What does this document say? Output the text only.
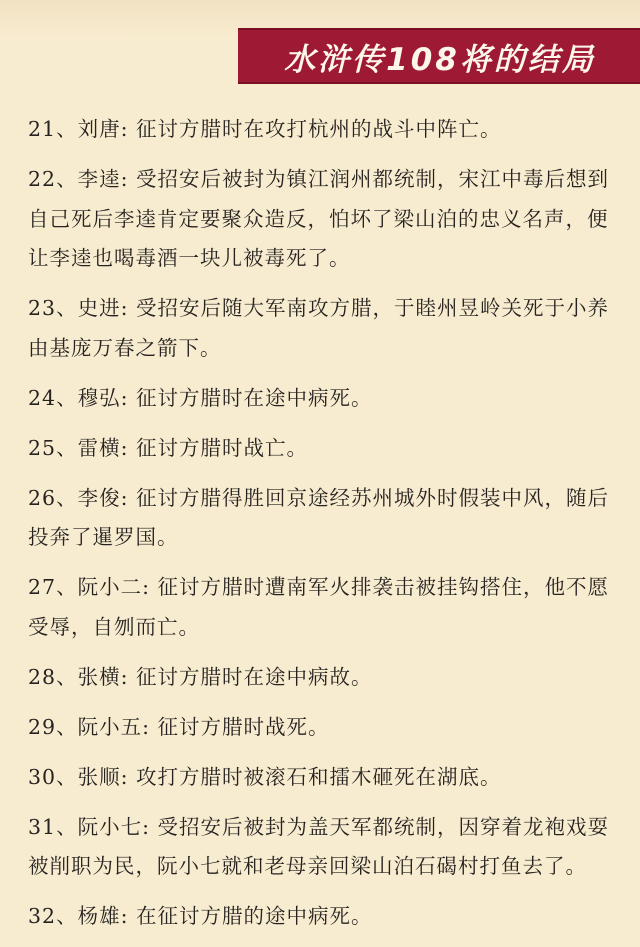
水浒传108将的结局
21、刘唐: 征讨方腊时在攻打杭州的战斗中阵亡。
22、李逵: 受招安后被封为镇江润州都统制，宋江中毒后想到自己死后李逵肯定要聚众造反，怕坏了梁山泊的忠义名声，便让李逵也喝毒酒一块儿被毒死了。
23、史进: 受招安后随大军南攻方腊，于睦州昱岭关死于小养由基庞万春之箭下。
24、穆弘: 征讨方腊时在途中病死。
25、雷横: 征讨方腊时战亡。
26、李俊: 征讨方腊得胜回京途经苏州城外时假装中风，随后投奔了暹罗国。
27、阮小二: 征讨方腊时遭南军火排袭击被挂钩搭住，他不愿受辱，自刎而亡。
28、张横: 征讨方腊时在途中病故。
29、阮小五: 征讨方腊时战死。
30、张顺: 攻打方腊时被滚石和擂木砸死在湖底。
31、阮小七: 受招安后被封为盖天军都统制，因穿着龙袍戏耍被削职为民，阮小七就和老母亲回梁山泊石碣村打鱼去了。
32、杨雄: 在征讨方腊的途中病死。
